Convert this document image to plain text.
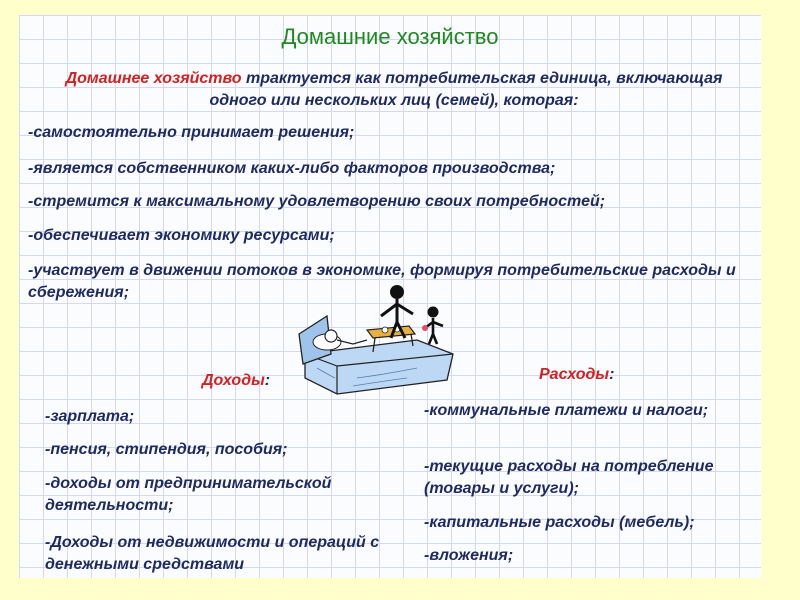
Домашние хозяйство
Домашнее хозяйство трактуется как потребительская единица, включающая одного или нескольких лиц (семей), которая:

-самостоятельно принимает решения;

-является собственником каких-либо факторов производства;

-стремится к максимальному удовлетворению своих потребностей;

-обеспечивает экономику ресурсами;

-участвует в движении потоков в экономике, формируя потребительские расходы и сбережения;

Доходы:	Расходы:
-зарплата;
-пенсия, стипендия, пособия;
-доходы от предпринимательской деятельности;
-Доходы от недвижимости и операций с денежными средствами
-коммунальные платежи и налоги;
-текущие расходы на потребление (товары и услуги);
-капитальные расходы (мебель);
-вложения;
